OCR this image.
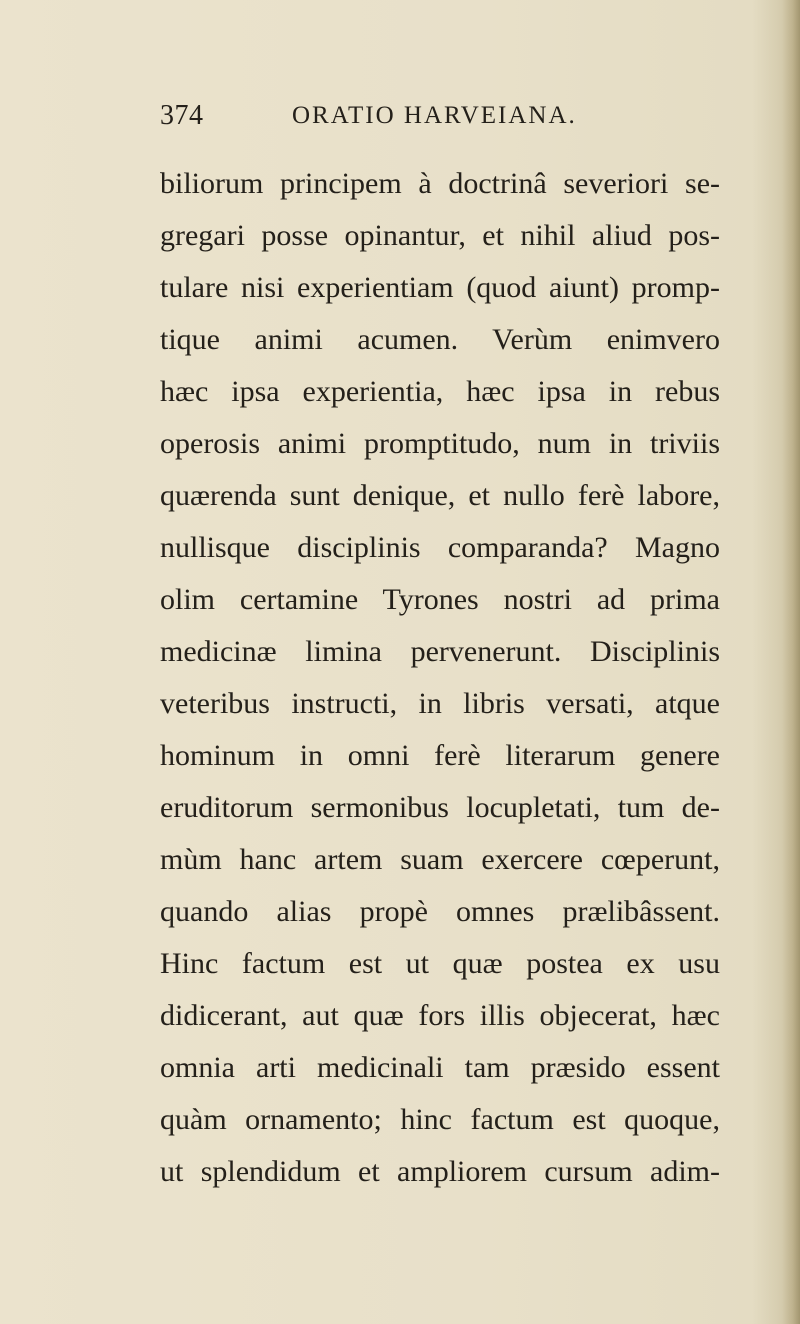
374	ORATIO HARVEIANA.
biliorum principem à doctrinâ severiori se-
gregari posse opinantur, et nihil aliud pos-
tulare nisi experientiam (quod aiunt) promp-
tique animi acumen. Verùm enimvero
hæc ipsa experientia, hæc ipsa in rebus
operosis animi promptitudo, num in triviis
quærenda sunt denique, et nullo ferè labore,
nullisque disciplinis comparanda? Magno
olim certamine Tyrones nostri ad prima
medicinæ limina pervenerunt. Disciplinis
veteribus instructi, in libris versati, atque
hominum in omni ferè literarum genere
eruditorum sermonibus locupletati, tum de-
mùm hanc artem suam exercere cœperunt,
quando alias propè omnes prælibâssent.
Hinc factum est ut quæ postea ex usu
didicerant, aut quæ fors illis objecerat, hæc
omnia arti medicinali tam præsido essent
quàm ornamento; hinc factum est quoque,
ut splendidum et ampliorem cursum adim-
